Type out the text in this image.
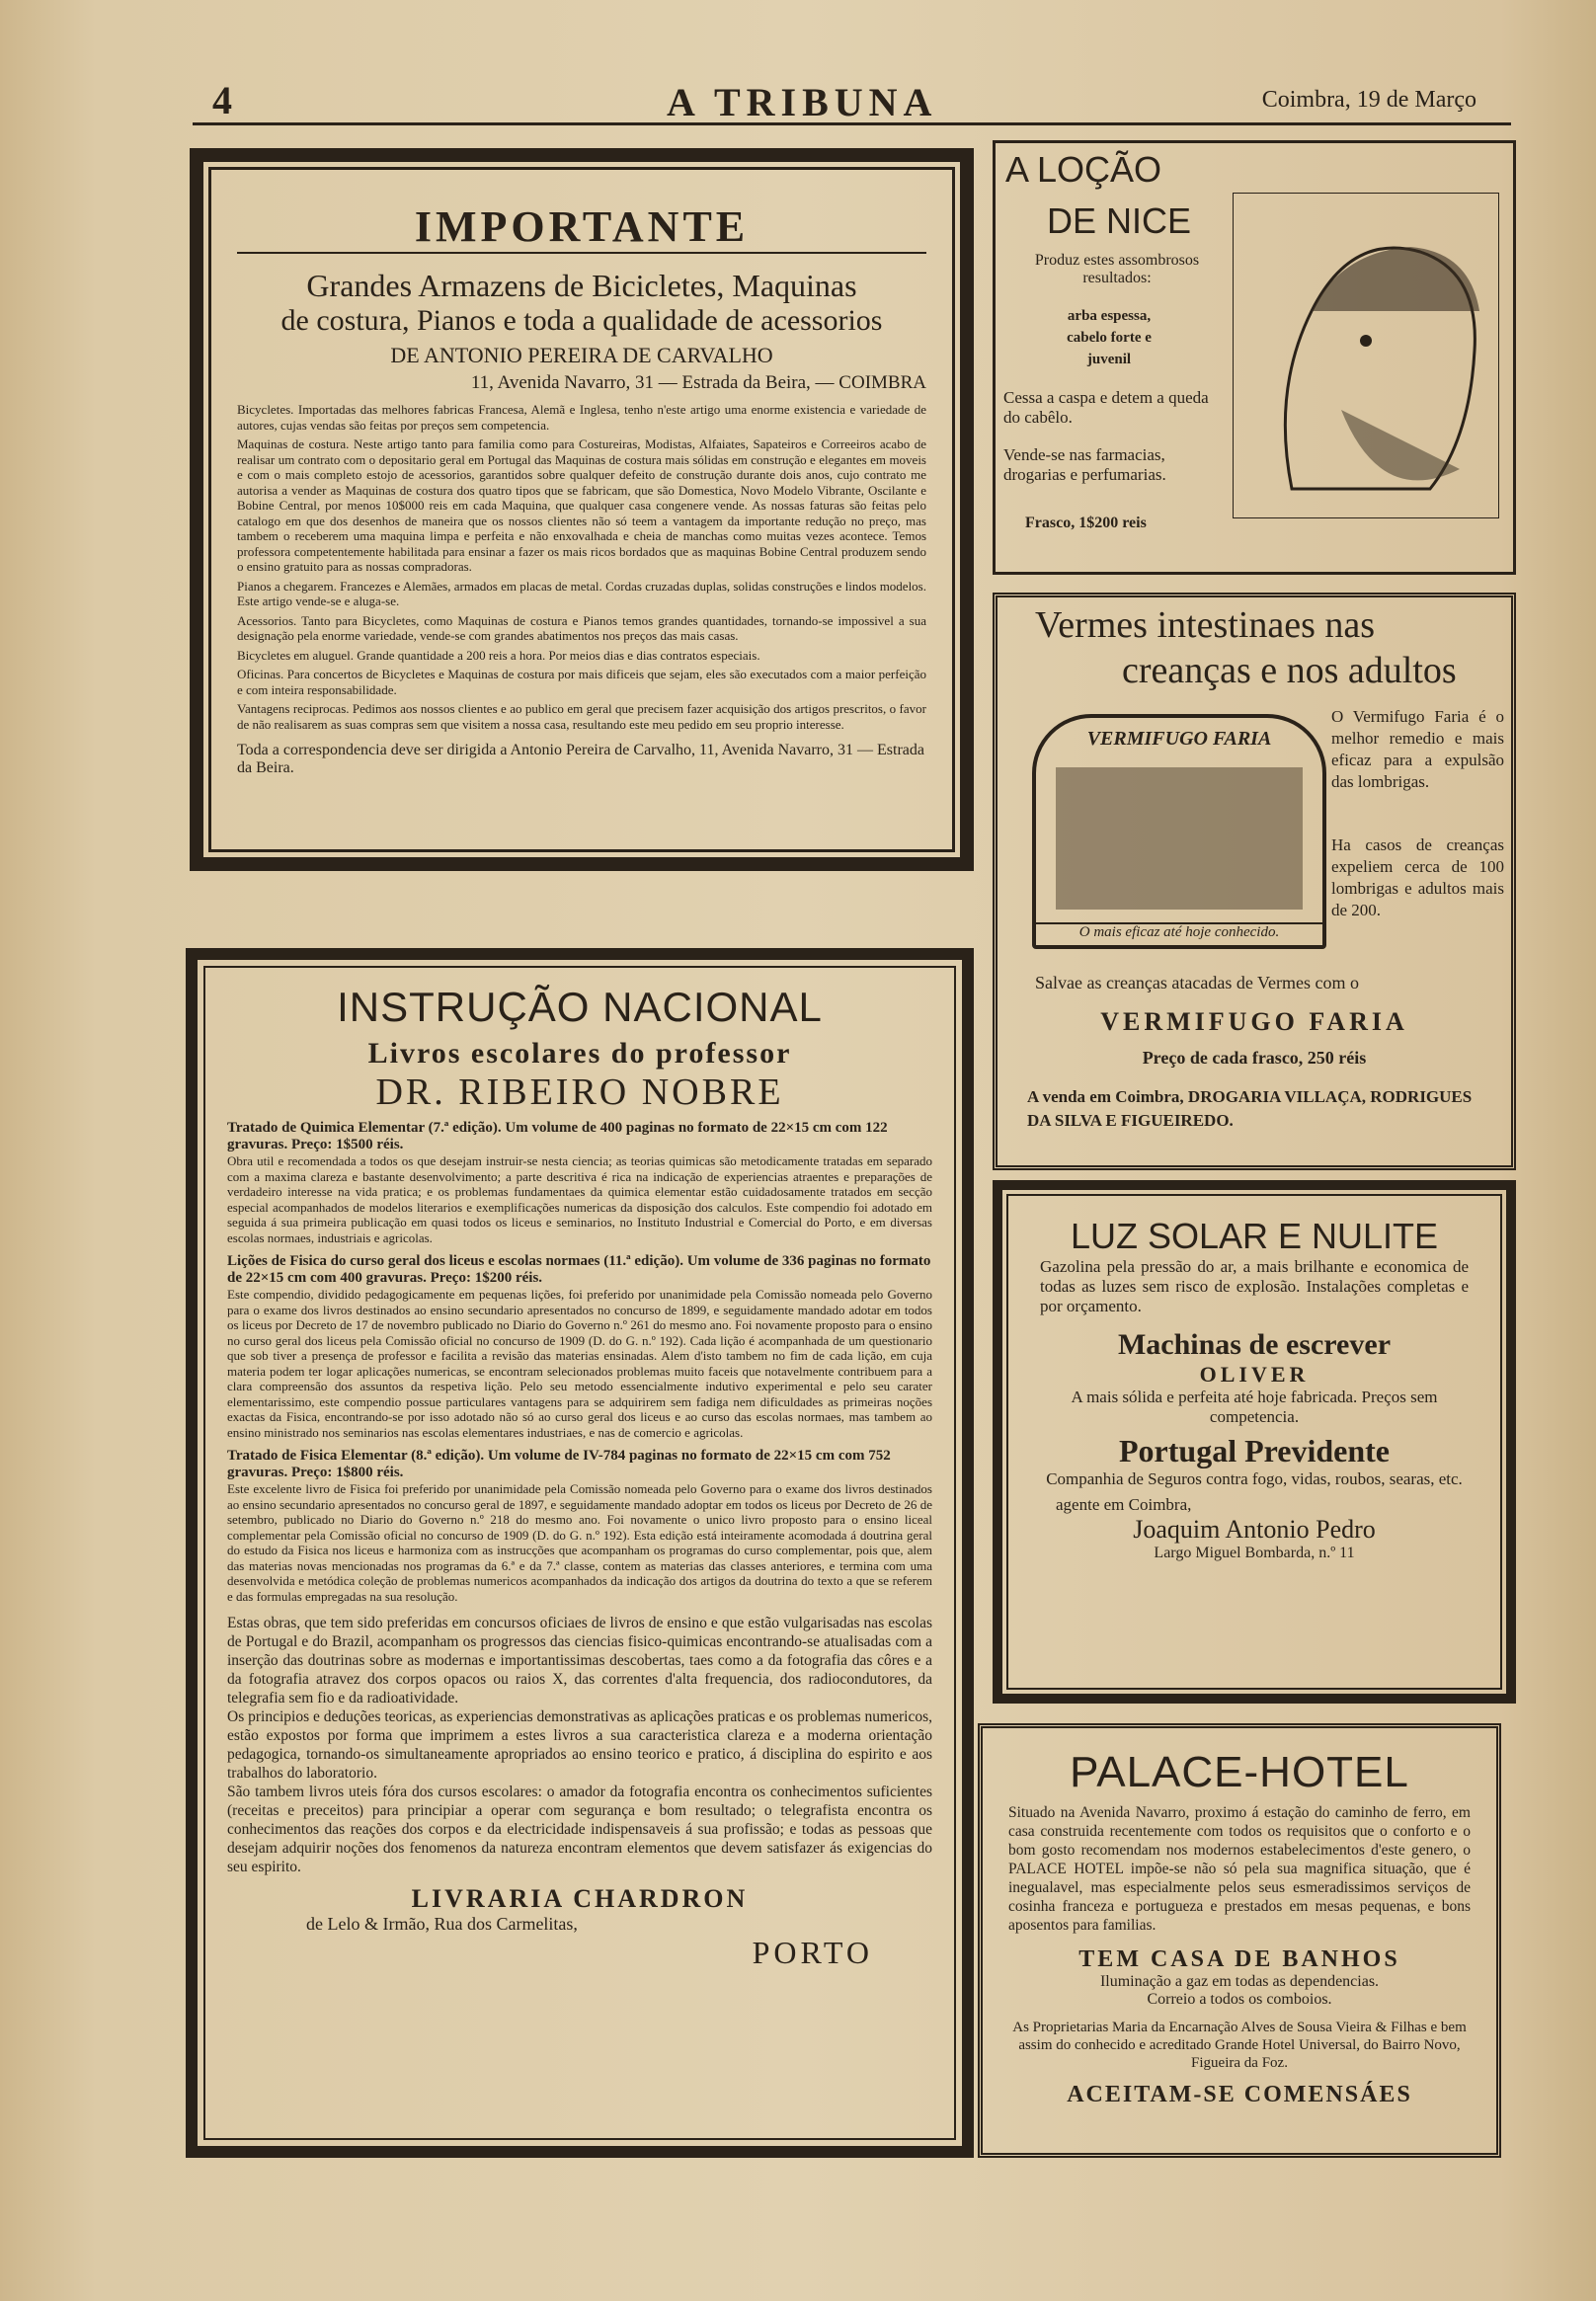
4	A TRIBUNA	Coimbra, 19 de Março
IMPORTANTE
Grandes Armazens de Bicicletes, Maquinas
de costura, Pianos e toda a qualidade de acessorios
DE ANTONIO PEREIRA DE CARVALHO
11, Avenida Navarro, 31 — Estrada da Beira, — COIMBRA

Bicycletes. Importadas das melhores fabricas Francesa, Alemã e Inglesa, tenho n'este artigo uma enorme existencia e variedade de autores, cujas vendas são feitas por preços sem competencia.

Maquinas de costura. Neste artigo tanto para familia como para Costureiras, Modistas, Alfaiates, Sapateiros e Correeiros acabo de realisar um contrato com o depositario geral em Portugal das Maquinas de costura mais sólidas em construção e elegantes em moveis e com o mais completo estojo de acessorios, garantidos sobre qualquer defeito de construção durante dois anos, cujo contrato me autorisa a vender as Maquinas de costura dos quatro tipos que se fabricam, que são Domestica, Novo Modelo Vibrante, Oscilante e Bobine Central, por menos 10$000 reis em cada Maquina, que qualquer casa congenere vende. As nossas faturas são feitas pelo catalogo em que dos desenhos de maneira que os nossos clientes não só teem a vantagem da importante redução no preço, mas tambem o receberem uma maquina limpa e perfeita e não enxovalhada e cheia de manchas como muitas vezes acontece. Temos professora competentemente habilitada para ensinar a fazer os mais ricos bordados que as maquinas Bobine Central produzem sendo o ensino gratuito para as nossas compradoras.

Pianos a chegarem. Francezes e Alemães, armados em placas de metal. Cordas cruzadas duplas, solidas construções e lindos modelos. Este artigo vende-se e aluga-se.

Acessorios. Tanto para Bicycletes, como Maquinas de costura e Pianos temos grandes quantidades, tornando-se impossivel a sua designação pela enorme variedade, vende-se com grandes abatimentos nos preços das mais casas.

Bicycletes em aluguel. Grande quantidade a 200 reis a hora. Por meios dias e dias contratos especiais.

Oficinas. Para concertos de Bicycletes e Maquinas de costura por mais dificeis que sejam, eles são executados com a maior perfeição e com inteira responsabilidade.

Vantagens reciprocas. Pedimos aos nossos clientes e ao publico em geral que precisem fazer acquisição dos artigos prescritos, o favor de não realisarem as suas compras sem que visitem a nossa casa, resultando este meu pedido em seu proprio interesse.

Toda a correspondencia deve ser dirigida a Antonio Pereira de Carvalho, 11, Avenida Navarro, 31 — Estrada da Beira.
A LOÇÃO
DE NICE
Produz estes assombrosos resultados:
arba espessa,
cabelo forte e
juvenil
Cessa a caspa e detem a queda do cabêlo.
Vende-se nas farmacias, drogarias e perfumarias.
Frasco, 1$200 reis
Vermes intestinaes nas
creanças e nos adultos
VERMIFUGO FARIA
O mais eficaz até hoje conhecido.
O Vermifugo Faria é o melhor remedio e mais eficaz para a expulsão das lombrigas.
Ha casos de creanças expeliem cerca de 100 lombrigas e adultos mais de 200.
Salvae as creanças atacadas de Vermes com o
VERMIFUGO FARIA
Preço de cada frasco, 250 réis
A venda em Coimbra, DROGARIA VILLAÇA, RODRIGUES DA SILVA E FIGUEIREDO.
INSTRUÇÃO NACIONAL
Livros escolares do professor
DR. RIBEIRO NOBRE
Tratado de Quimica Elementar (7.ª edição). Um volume de 400 paginas no formato de 22×15 cm com 122 gravuras. Preço: 1$500 réis.
Obra util e recomendada a todos os que desejam instruir-se nesta ciencia; as teorias quimicas são metodicamente tratadas em separado com a maxima clareza e bastante desenvolvimento; a parte descritiva é rica na indicação de experiencias atraentes e preparações de verdadeiro interesse na vida pratica; e os problemas fundamentaes da quimica elementar estão cuidadosamente tratados em secção especial acompanhados de modelos literarios e exemplificações numericas da disposição dos calculos. Este compendio foi adotado em seguida á sua primeira publicação em quasi todos os liceus e seminarios, no Instituto Industrial e Comercial do Porto, e em diversas escolas normaes, industriais e agricolas.
Lições de Fisica do curso geral dos liceus e escolas normaes (11.ª edição). Um volume de 336 paginas no formato de 22×15 cm com 400 gravuras. Preço: 1$200 réis.
Este compendio, dividido pedagogicamente em pequenas lições, foi preferido por unanimidade pela Comissão nomeada pelo Governo para o exame dos livros destinados ao ensino secundario apresentados no concurso de 1899, e seguidamente mandado adotar em todos os liceus por Decreto de 17 de novembro publicado no Diario do Governo n.º 261 do mesmo ano. Foi novamente proposto para o ensino no curso geral dos liceus pela Comissão oficial no concurso de 1909 (D. do G. n.º 192). Cada lição é acompanhada de um questionario que sob tiver a presença de professor e facilita a revisão das materias ensinadas. Alem d'isto tambem no fim de cada lição, em cuja materia podem ter logar aplicações numericas, se encontram selecionados problemas muito faceis que notavelmente contribuem para a clara compreensão dos assuntos da respetiva lição. Pelo seu metodo essencialmente indutivo experimental e pelo seu carater elementarissimo, este compendio possue particulares vantagens para se adquirirem sem fadiga nem dificuldades as primeiras noções exactas da Fisica, encontrando-se por isso adotado não só ao curso geral dos liceus e ao curso das escolas normaes, mas tambem ao ensino ministrado nos seminarios nas escolas elementares industriaes, e nas de comercio e agricolas.
Tratado de Fisica Elementar (8.ª edição). Um volume de IV-784 paginas no formato de 22×15 cm com 752 gravuras. Preço: 1$800 réis.
Este excelente livro de Fisica foi preferido por unanimidade pela Comissão nomeada pelo Governo para o exame dos livros destinados ao ensino secundario apresentados no concurso geral de 1897, e seguidamente mandado adoptar em todos os liceus por Decreto de 26 de setembro, publicado no Diario do Governo n.º 218 do mesmo ano. Foi novamente o unico livro proposto para o ensino liceal complementar pela Comissão oficial no concurso de 1909 (D. do G. n.º 192). Esta edição está inteiramente acomodada á doutrina geral do estudo da Fisica nos liceus e harmoniza com as instrucções que acompanham os programas do curso complementar, pois que, alem das materias novas mencionadas nos programas da 6.ª e da 7.ª classe, contem as materias das classes anteriores, e termina com uma desenvolvida e metódica coleção de problemas numericos acompanhados da indicação dos artigos da doutrina do texto a que se referem e das formulas empregadas na sua resolução.
Estas obras, que tem sido preferidas em concursos oficiaes de livros de ensino e que estão vulgarisadas nas escolas de Portugal e do Brazil, acompanham os progressos das ciencias fisico-quimicas encontrando-se atualisadas com a inserção das doutrinas sobre as modernas e importantissimas descobertas, taes como a da fotografia das côres e a da fotografia atravez dos corpos opacos ou raios X, das correntes d'alta frequencia, dos radiocondutores, da telegrafia sem fio e da radioatividade.
Os principios e deduções teoricas, as experiencias demonstrativas as aplicações praticas e os problemas numericos, estão expostos por forma que imprimem a estes livros a sua caracteristica clareza e a moderna orientação pedagogica, tornando-os simultaneamente apropriados ao ensino teorico e pratico, á disciplina do espirito e aos trabalhos do laboratorio.
São tambem livros uteis fóra dos cursos escolares: o amador da fotografia encontra os conhecimentos suficientes (receitas e preceitos) para principiar a operar com segurança e bom resultado; o telegrafista encontra os conhecimentos das reações dos corpos e da electricidade indispensaveis á sua profissão; e todas as pessoas que desejam adquirir noções dos fenomenos da natureza encontram elementos que devem satisfazer ás exigencias do seu espirito.
LIVRARIA CHARDRON
de Lelo & Irmão, Rua dos Carmelitas,
PORTO
LUZ SOLAR E NULITE
Gazolina pela pressão do ar, a mais brilhante e economica de todas as luzes sem risco de explosão. Instalações completas e por orçamento.
Machinas de escrever
OLIVER
A mais sólida e perfeita até hoje fabricada. Preços sem competencia.
Portugal Previdente
Companhia de Seguros contra fogo, vidas, roubos, searas, etc.
agente em Coimbra,
Joaquim Antonio Pedro
Largo Miguel Bombarda, n.º 11
PALACE-HOTEL
Situado na Avenida Navarro, proximo á estação do caminho de ferro, em casa construida recentemente com todos os requisitos que o conforto e o bom gosto recomendam nos modernos estabelecimentos d'este genero, o PALACE HOTEL impõe-se não só pela sua magnifica situação, que é inegualavel, mas especialmente pelos seus esmeradissimos serviços de cosinha franceza e portugueza e prestados em mesas pequenas, e bons aposentos para familias.
TEM CASA DE BANHOS
Iluminação a gaz em todas as dependencias.
Correio a todos os comboios.
As Proprietarias Maria da Encarnação Alves de Sousa Vieira & Filhas e bem assim do conhecido e acreditado Grande Hotel Universal, do Bairro Novo, Figueira da Foz.
ACEITAM-SE COMENSÁES
